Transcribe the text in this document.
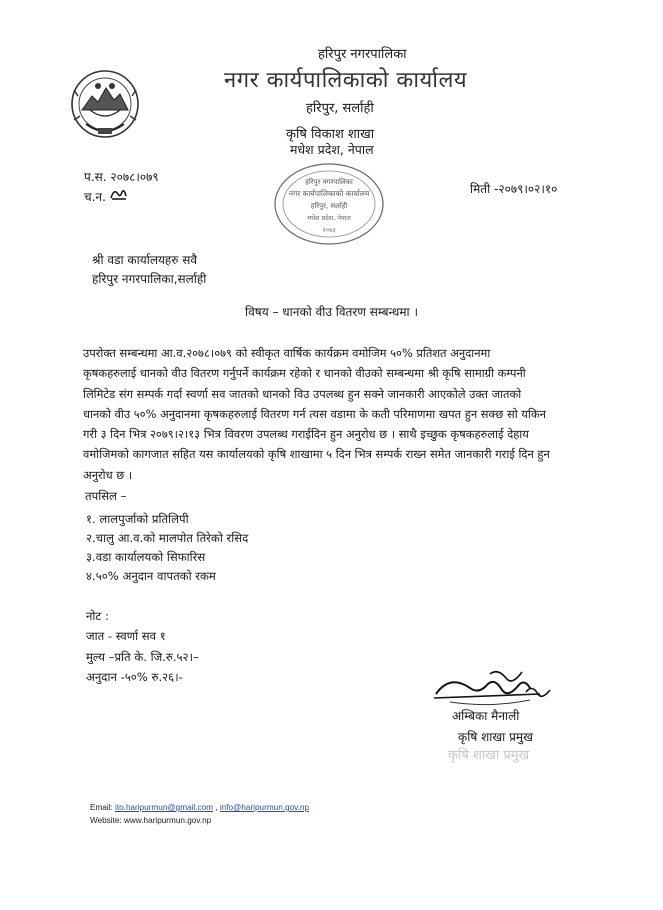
हरिपुर नगरपालिका
नगर कार्यपालिकाको कार्यालय
हरिपुर, सर्लाही
कृषि विकाश शाखा
मधेश प्रदेश, नेपाल
हरिपुर नगरपालिका
नगर कार्यपालिकाको कार्यालय
हरिपुर, सर्लाही
मधेश प्रदेश, नेपाल
२०७३
प.स. २०७८।०७९
च.न.
मिती -२०७९।०२।१०
श्री वडा कार्यालयहरु सवै
हरिपुर नगरपालिका,सर्लाही
विषय – धानको वीउ वितरण सम्बन्धमा ।
उपरोक्त सम्बन्धमा आ.व.२०७८।०७९ को स्वीकृत वार्षिक कार्यक्रम वमोजिम ५०% प्रतिशत अनुदानमा
कृषकहरुलाई धानको वीउ वितरण गर्नुपर्ने कार्यक्रम रहेको र धानको वीउको सम्बन्धमा श्री कृषि सामाग्री कम्पनी
लिमिटेड संग सम्पर्क गर्दा स्वर्णा सव जातको धानको विउ उपलब्ध हुन सक्ने जानकारी आएकोले उक्त जातको
धानको वीउ ५०% अनुदानमा कृषकहरुलाई वितरण गर्न त्यस वडामा के कती परिमाणमा खपत हुन सक्छ सो यकिन
गरी ३ दिन भित्र २०७९।२।१३ भित्र विवरण उपलब्ध गराईदिन हुन अनुरोध छ । साथै इच्छुक कृषकहरुलाई देहाय
वमोजिमको कागजात सहित यस कार्यालयको कृषि शाखामा ५ दिन भित्र सम्पर्क राख्न समेत जानकारी गराई दिन हुन
अनुरोध छ ।
तपसिल –
१. लालपुर्जाको प्रतिलिपी
२.चालु आ.व.को मालपोत तिरेको रसिद
३.वडा कार्यालयको सिफारिस
४.५०% अनुदान वापतको रकम
नोट :
जात - स्वर्णा सव १
मुल्य –प्रति के. जि.रु.५२।–
अनुदान -५०% रु.२६।-
अम्बिका मैनाली
कृषि शाखा प्रमुख
कृषि शाखा प्रमुख
Email: ito.haripurmun@gmail.com , info@haripurmun.gov.np
Website: www.haripurmun.gov.np
